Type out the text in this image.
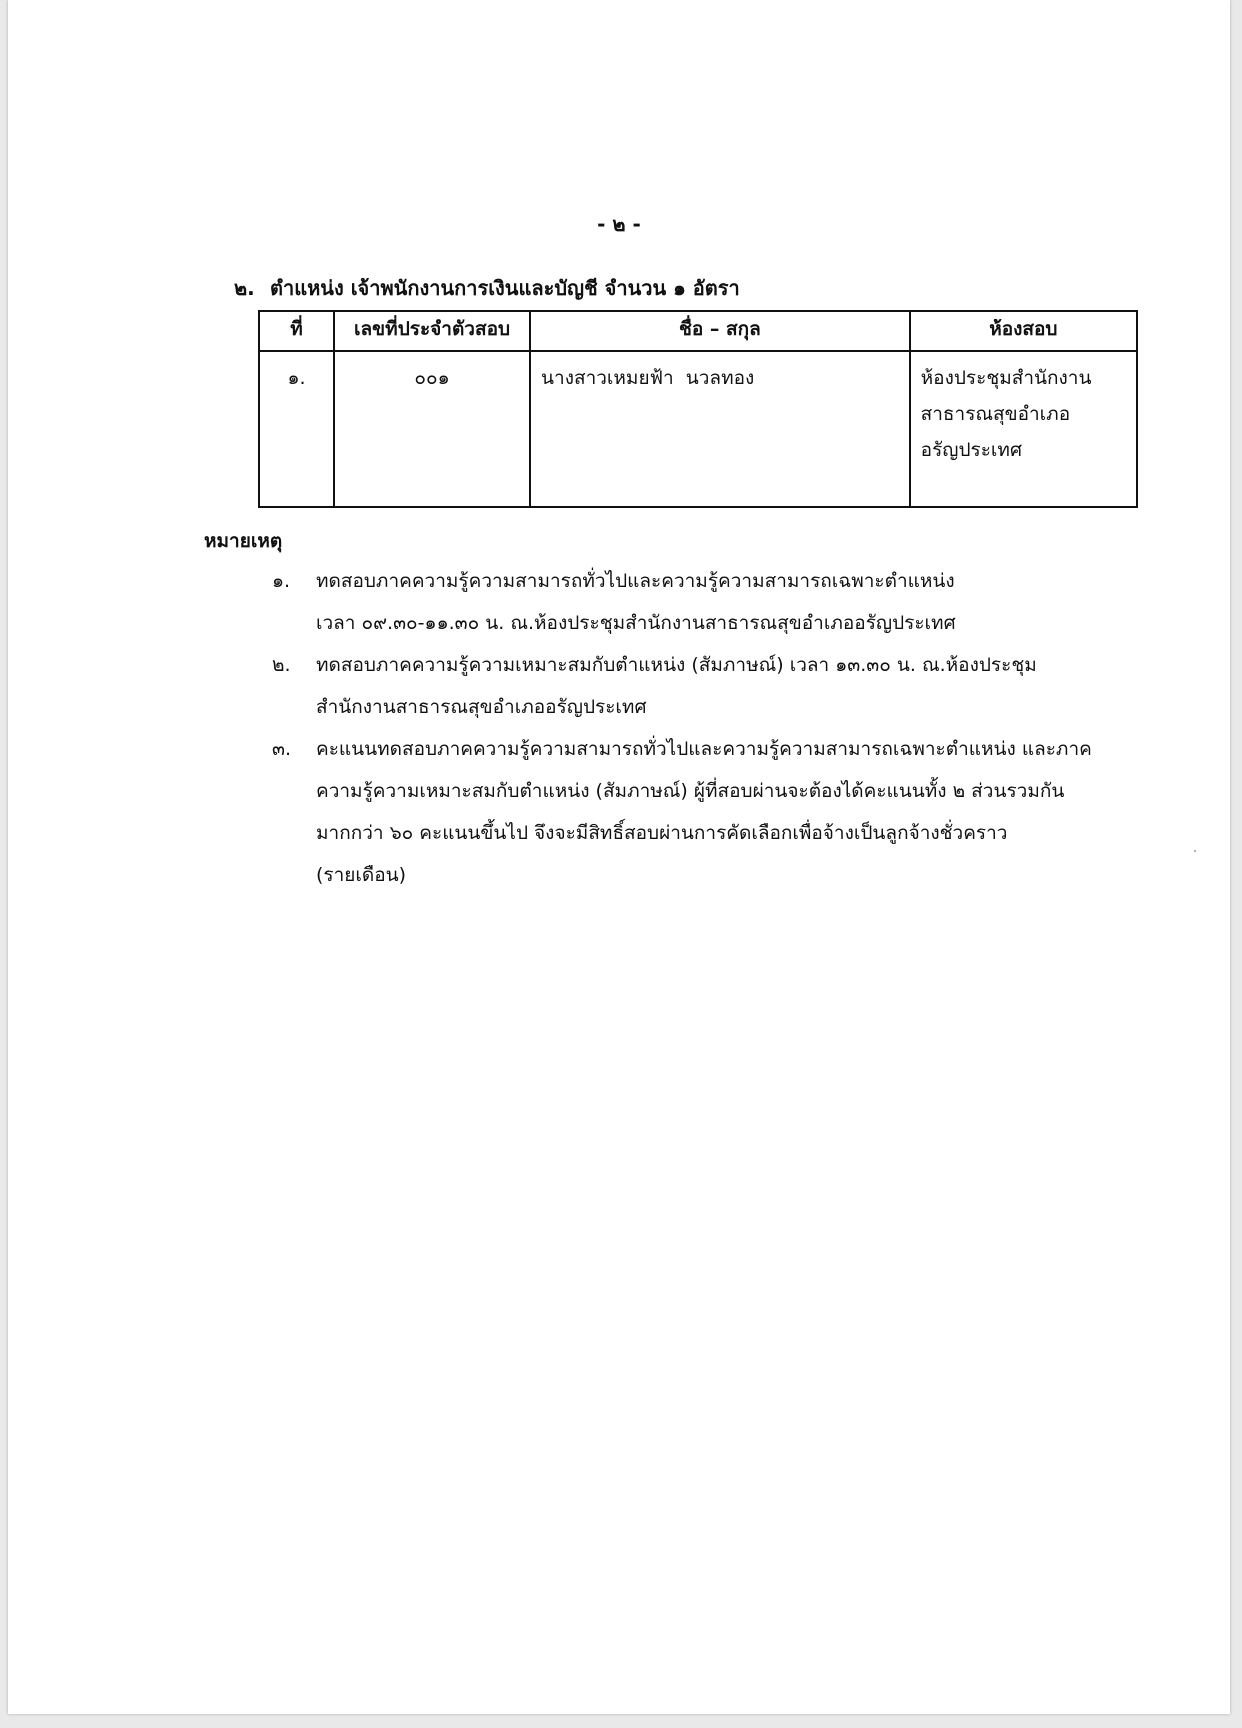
- ๒ -
๒. ตำแหน่ง เจ้าพนักงานการเงินและบัญชี จำนวน ๑ อัตรา
ที่	เลขที่ประจำตัวสอบ	ชื่อ – สกุล	ห้องสอบ
๑.	๐๐๑	นางสาวเหมยฟ้า  นวลทอง	ห้องประชุมสำนักงาน
สาธารณสุขอำเภอ
อรัญประเทศ
หมายเหตุ
๑.	ทดสอบภาคความรู้ความสามารถทั่วไปและความรู้ความสามารถเฉพาะตำแหน่ง
เวลา ๐๙.๓๐-๑๑.๓๐ น. ณ.ห้องประชุมสำนักงานสาธารณสุขอำเภออรัญประเทศ
๒.	ทดสอบภาคความรู้ความเหมาะสมกับตำแหน่ง (สัมภาษณ์) เวลา ๑๓.๓๐ น. ณ.ห้องประชุม
สำนักงานสาธารณสุขอำเภออรัญประเทศ
๓.	คะแนนทดสอบภาคความรู้ความสามารถทั่วไปและความรู้ความสามารถเฉพาะตำแหน่ง และภาค
ความรู้ความเหมาะสมกับตำแหน่ง (สัมภาษณ์) ผู้ที่สอบผ่านจะต้องได้คะแนนทั้ง ๒ ส่วนรวมกัน
มากกว่า ๖๐ คะแนนขึ้นไป จึงจะมีสิทธิ์สอบผ่านการคัดเลือกเพื่อจ้างเป็นลูกจ้างชั่วคราว
(รายเดือน)
